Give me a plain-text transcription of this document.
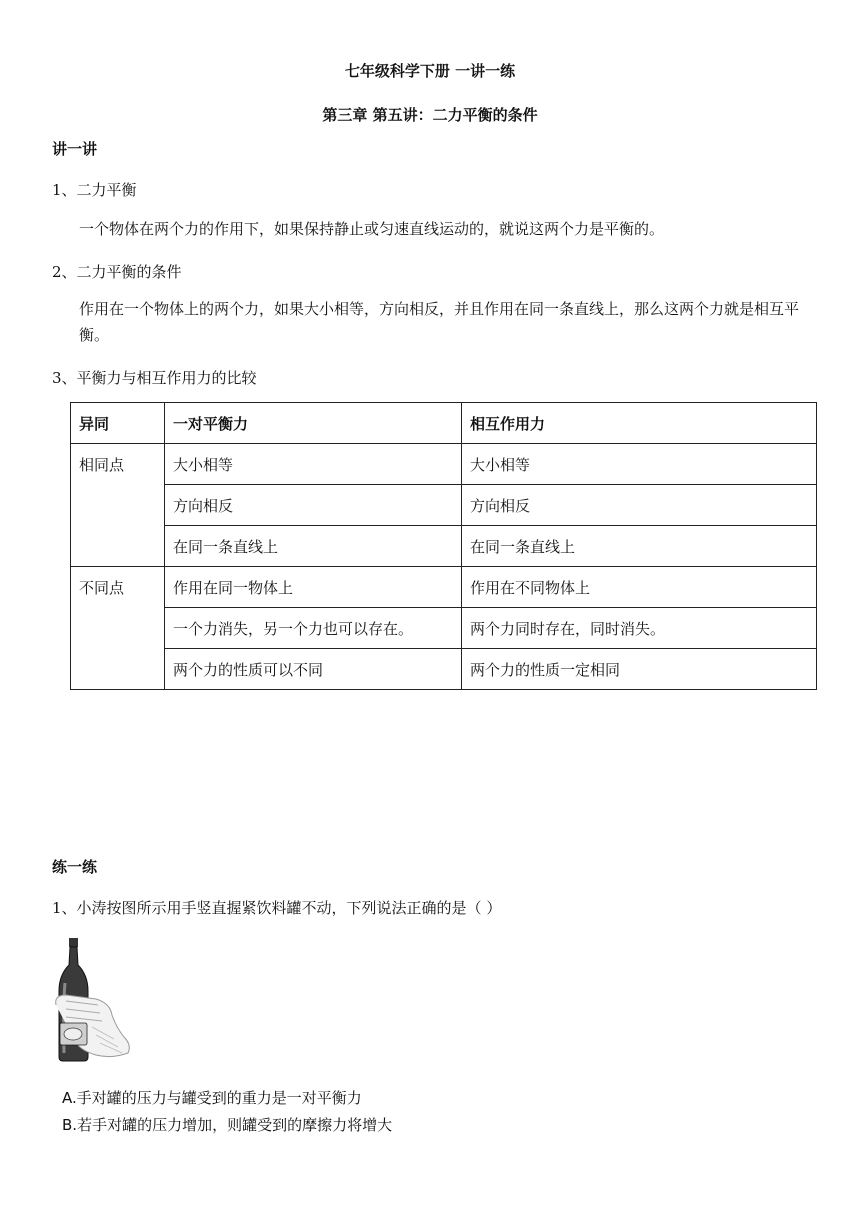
七年级科学下册 一讲一练
第三章 第五讲：二力平衡的条件
讲一讲
1、二力平衡
一个物体在两个力的作用下，如果保持静止或匀速直线运动的，就说这两个力是平衡的。
2、二力平衡的条件
作用在一个物体上的两个力，如果大小相等，方向相反，并且作用在同一条直线上，那么这两个力就是相互平衡。
3、平衡力与相互作用力的比较
异同	一对平衡力	相互作用力
相同点	大小相等	大小相等
	方向相反	方向相反
	在同一条直线上	在同一条直线上
不同点	作用在同一物体上	作用在不同物体上
	一个力消失，另一个力也可以存在。	两个力同时存在，同时消失。
	两个力的性质可以不同	两个力的性质一定相同
练一练
1、小涛按图所示用手竖直握紧饮料罐不动，下列说法正确的是（ ）
A.手对罐的压力与罐受到的重力是一对平衡力
B.若手对罐的压力增加，则罐受到的摩擦力将增大
